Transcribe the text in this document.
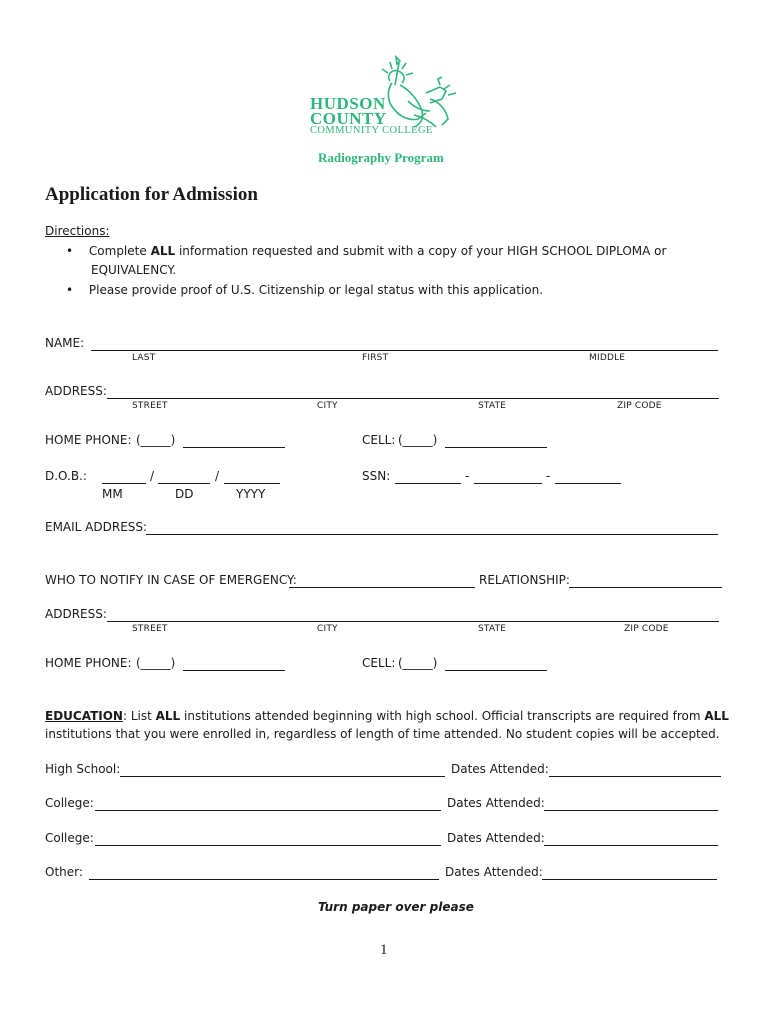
HUDSON
COUNTY
COMMUNITY COLLEGE
Radiography Program
Application for Admission
Directions:
• Complete ALL information requested and submit with a copy of your HIGH SCHOOL DIPLOMA or
EQUIVALENCY.
• Please provide proof of U.S. Citizenship or legal status with this application.
NAME:
LAST	FIRST	MIDDLE
ADDRESS:
STREET	CITY	STATE	ZIP CODE
HOME PHONE: (_____)	CELL: (_____)
D.O.B.:	/	/
MM	DD	YYYY
SSN:	-	-
EMAIL ADDRESS:
WHO TO NOTIFY IN CASE OF EMERGENCY:	RELATIONSHIP:
ADDRESS:
STREET	CITY	STATE	ZIP CODE
HOME PHONE: (_____)	CELL: (_____)
EDUCATION: List ALL institutions attended beginning with high school. Official transcripts are required from ALL
institutions that you were enrolled in, regardless of length of time attended. No student copies will be accepted.
High School:	Dates Attended:
College:	Dates Attended:
College:	Dates Attended:
Other:	Dates Attended:
Turn paper over please
1
